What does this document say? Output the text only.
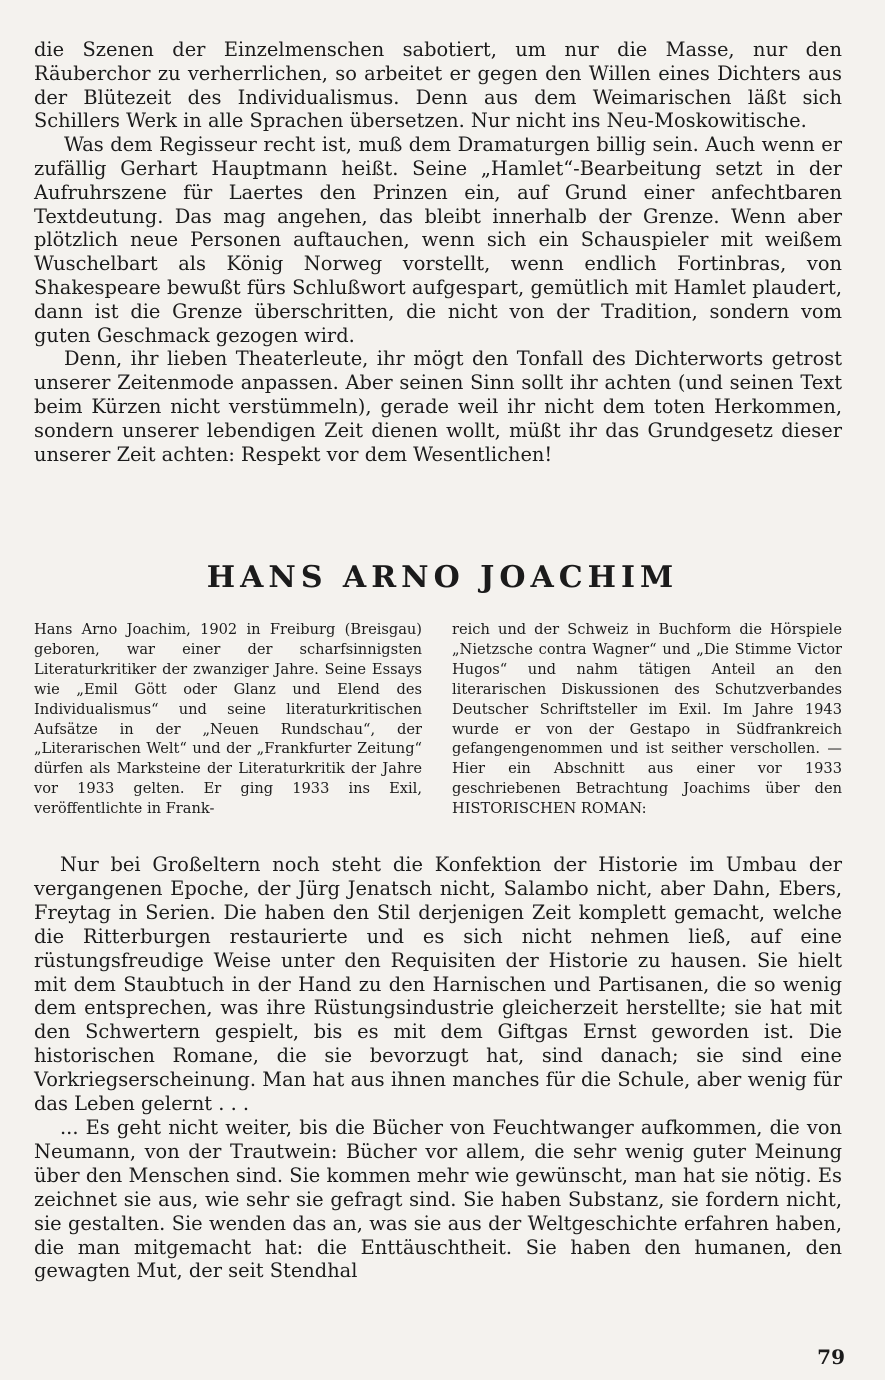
die Szenen der Einzelmenschen sabotiert, um nur die Masse, nur den Räuberchor zu verherrlichen, so arbeitet er gegen den Willen eines Dichters aus der Blütezeit des Individualismus. Denn aus dem Weimarischen läßt sich Schillers Werk in alle Sprachen übersetzen. Nur nicht ins Neu-Moskowitische.

Was dem Regisseur recht ist, muß dem Dramaturgen billig sein. Auch wenn er zufällig Gerhart Hauptmann heißt. Seine „Hamlet“-Bearbeitung setzt in der Aufruhrszene für Laertes den Prinzen ein, auf Grund einer anfechtbaren Textdeutung. Das mag angehen, das bleibt innerhalb der Grenze. Wenn aber plötzlich neue Personen auftauchen, wenn sich ein Schauspieler mit weißem Wuschelbart als König Norweg vorstellt, wenn endlich Fortinbras, von Shakespeare bewußt fürs Schlußwort aufgespart, gemütlich mit Hamlet plaudert, dann ist die Grenze überschritten, die nicht von der Tradition, sondern vom guten Geschmack gezogen wird.

Denn, ihr lieben Theaterleute, ihr mögt den Tonfall des Dichterworts getrost unserer Zeitenmode anpassen. Aber seinen Sinn sollt ihr achten (und seinen Text beim Kürzen nicht verstümmeln), gerade weil ihr nicht dem toten Herkommen, sondern unserer lebendigen Zeit dienen wollt, müßt ihr das Grundgesetz dieser unserer Zeit achten: Respekt vor dem Wesentlichen!

HANS ARNO JOACHIM

Hans Arno Joachim, 1902 in Freiburg (Breisgau) geboren, war einer der scharfsinnigsten Literaturkritiker der zwanziger Jahre. Seine Essays wie „Emil Gött oder Glanz und Elend des Individualismus“ und seine literaturkritischen Aufsätze in der „Neuen Rundschau“, der „Literarischen Welt“ und der „Frankfurter Zeitung“ dürfen als Marksteine der Literaturkritik der Jahre vor 1933 gelten. Er ging 1933 ins Exil, veröffentlichte in Frank-

reich und der Schweiz in Buchform die Hörspiele „Nietzsche contra Wagner“ und „Die Stimme Victor Hugos“ und nahm tätigen Anteil an den literarischen Diskussionen des Schutzverbandes Deutscher Schriftsteller im Exil. Im Jahre 1943 wurde er von der Gestapo in Südfrankreich gefangengenommen und ist seither verschollen. — Hier ein Abschnitt aus einer vor 1933 geschriebenen Betrachtung Joachims über den HISTORISCHEN ROMAN:

Nur bei Großeltern noch steht die Konfektion der Historie im Umbau der vergangenen Epoche, der Jürg Jenatsch nicht, Salambo nicht, aber Dahn, Ebers, Freytag in Serien. Die haben den Stil derjenigen Zeit komplett gemacht, welche die Ritterburgen restaurierte und es sich nicht nehmen ließ, auf eine rüstungsfreudige Weise unter den Requisiten der Historie zu hausen. Sie hielt mit dem Staubtuch in der Hand zu den Harnischen und Partisanen, die so wenig dem entsprechen, was ihre Rüstungsindustrie gleicherzeit herstellte; sie hat mit den Schwertern gespielt, bis es mit dem Giftgas Ernst geworden ist. Die historischen Romane, die sie bevorzugt hat, sind danach; sie sind eine Vorkriegserscheinung. Man hat aus ihnen manches für die Schule, aber wenig für das Leben gelernt . . .

... Es geht nicht weiter, bis die Bücher von Feuchtwanger aufkommen, die von Neumann, von der Trautwein: Bücher vor allem, die sehr wenig guter Meinung über den Menschen sind. Sie kommen mehr wie gewünscht, man hat sie nötig. Es zeichnet sie aus, wie sehr sie gefragt sind. Sie haben Substanz, sie fordern nicht, sie gestalten. Sie wenden das an, was sie aus der Weltgeschichte erfahren haben, die man mitgemacht hat: die Enttäuschtheit. Sie haben den humanen, den gewagten Mut, der seit Stendhal

79
